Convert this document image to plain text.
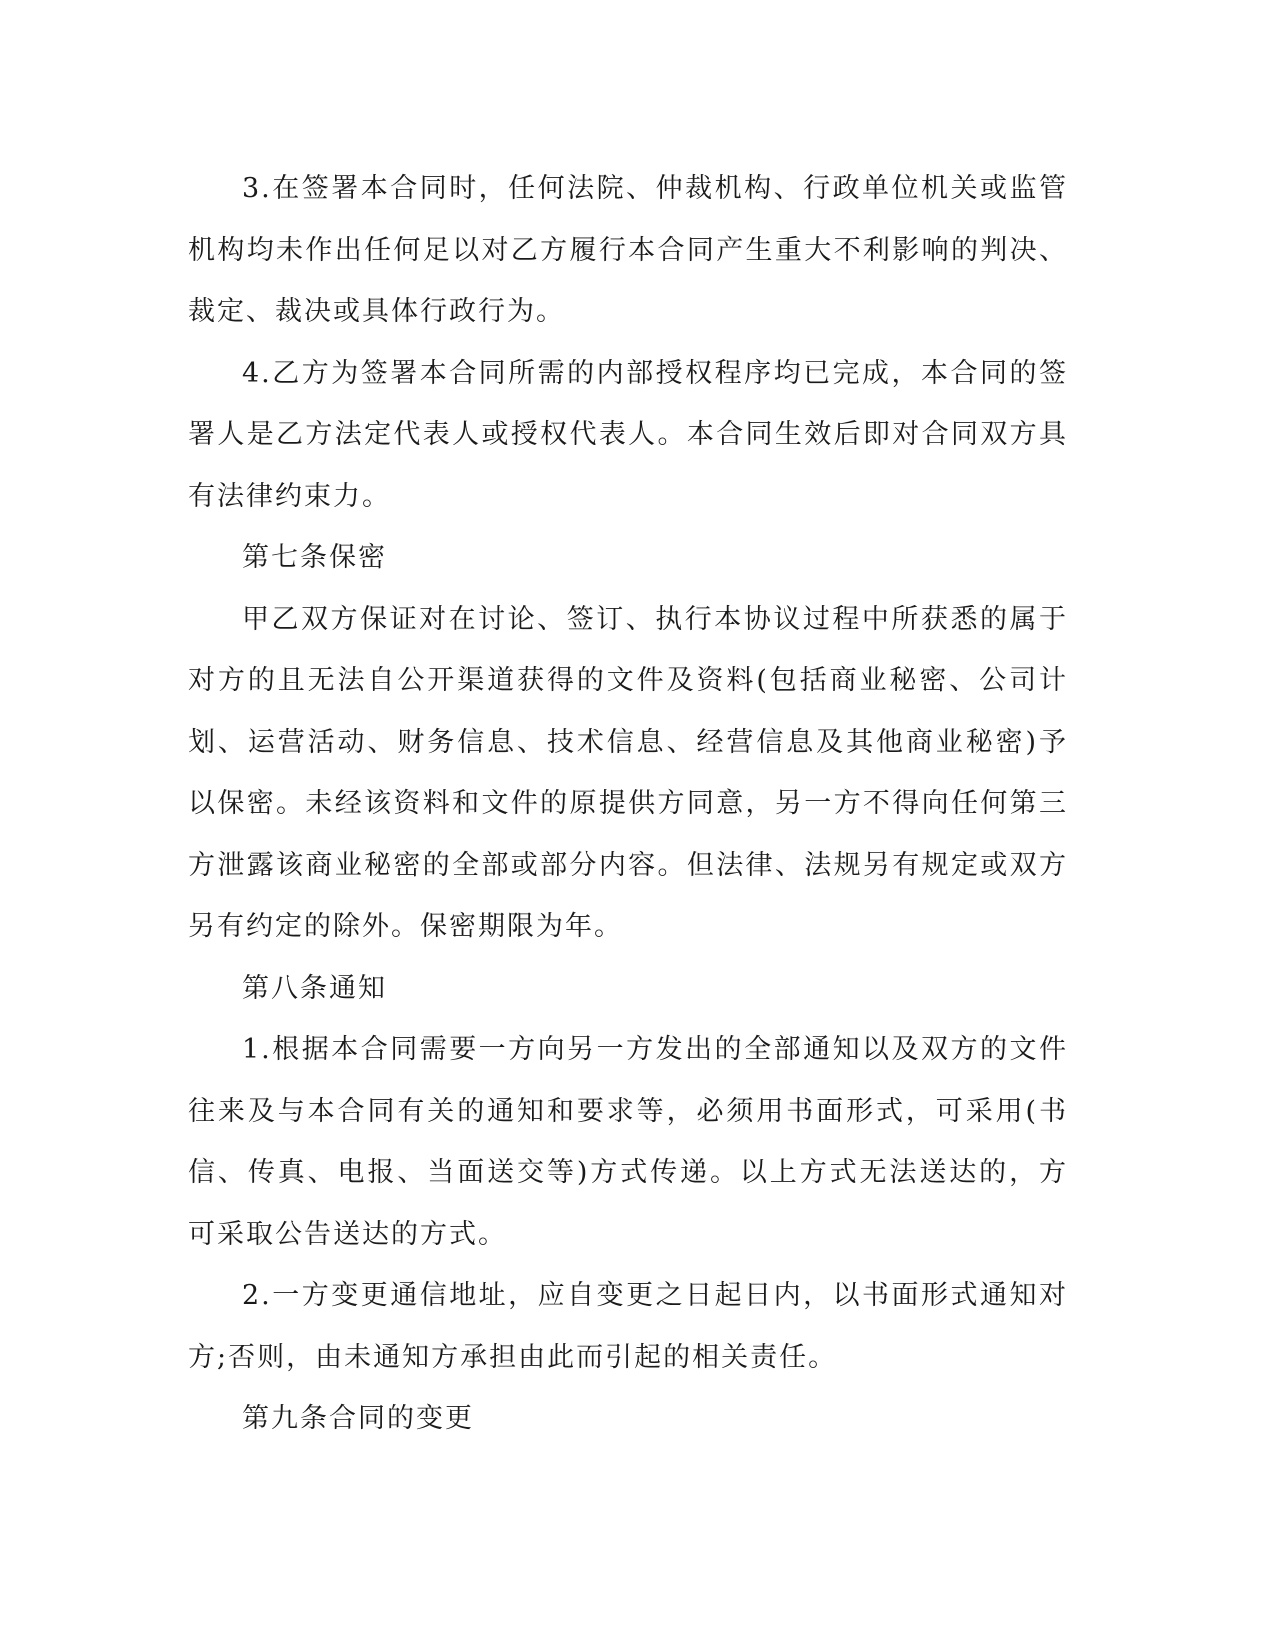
3.在签署本合同时，任何法院、仲裁机构、行政单位机关或监管机构均未作出任何足以对乙方履行本合同产生重大不利影响的判决、裁定、裁决或具体行政行为。

4.乙方为签署本合同所需的内部授权程序均已完成，本合同的签署人是乙方法定代表人或授权代表人。本合同生效后即对合同双方具有法律约束力。

第七条保密

甲乙双方保证对在讨论、签订、执行本协议过程中所获悉的属于对方的且无法自公开渠道获得的文件及资料(包括商业秘密、公司计划、运营活动、财务信息、技术信息、经营信息及其他商业秘密)予以保密。未经该资料和文件的原提供方同意，另一方不得向任何第三方泄露该商业秘密的全部或部分内容。但法律、法规另有规定或双方另有约定的除外。保密期限为年。

第八条通知

1.根据本合同需要一方向另一方发出的全部通知以及双方的文件往来及与本合同有关的通知和要求等，必须用书面形式，可采用(书信、传真、电报、当面送交等)方式传递。以上方式无法送达的，方可采取公告送达的方式。

2.一方变更通信地址，应自变更之日起日内，以书面形式通知对方;否则，由未通知方承担由此而引起的相关责任。

第九条合同的变更
